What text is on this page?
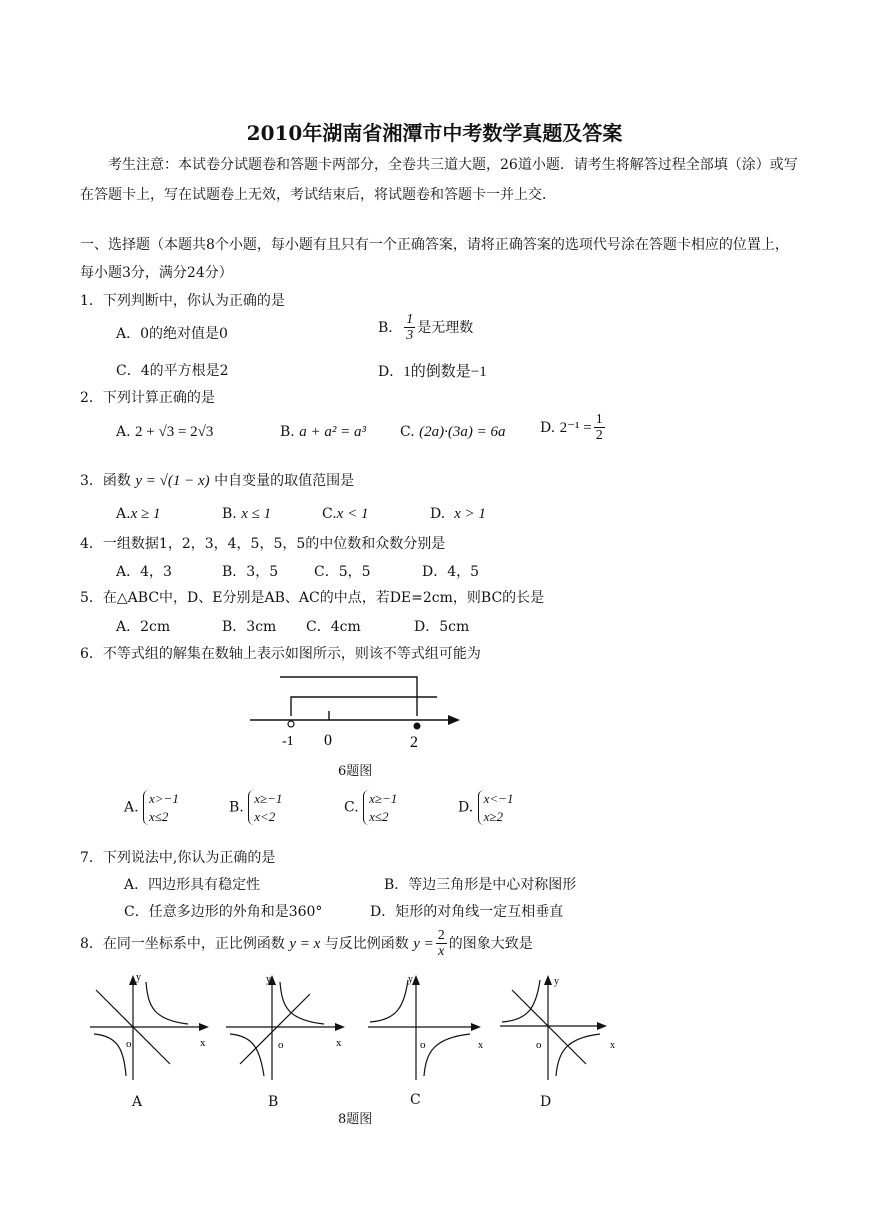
2010年湖南省湘潭市中考数学真题及答案
考生注意：本试卷分试题卷和答题卡两部分，全卷共三道大题，26道小题．请考生将解答过程全部填（涂）或写在答题卡上，写在试题卷上无效，考试结束后，将试题卷和答题卡一并上交．
一、选择题（本题共8个小题，每小题有且只有一个正确答案，请将正确答案的选项代号涂在答题卡相应的位置上，每小题3分，满分24分）
1．下列判断中，你认为正确的是
A．0的绝对值是0	B． $\frac{1}{3}$ 是无理数
C．4的平方根是2	D．1的倒数是−1
2．下列计算正确的是
A. 2 + √3 = 2√3	B. a + a² = a³ C. (2a)·(3a) = 6a D. $2^{-1} = \frac{1}{2}$
3．函数 y = √(1 − x) 中自变量的取值范围是
A.x ≥ 1	B. x ≤ 1	C.x < 1	D. x > 1
4．一组数据1，2，3，4，5，5，5的中位数和众数分别是
A．4，3	B．3，5	C．5，5	D．4，5
5．在△ABC中，D、E分别是AB、AC的中点，若DE=2cm，则BC的长是
A．2cm	B．3cm C．4cm	D．5cm
6．不等式组的解集在数轴上表示如图所示，则该不等式组可能为
-1 0	2
6题图
A. x>−1
x≤2
B. x≥−1
x<2
C. x≥−1
x≤2
D. x<−1
x≥2
7．下列说法中,你认为正确的是
A．四边形具有稳定性	B．等边三角形是中心对称图形
C．任意多边形的外角和是360°	D．矩形的对角线一定互相垂直
8．在同一坐标系中，正比例函数 y = x 与反比例函数 $y = \frac{2}{x}$ 的图象大致是
y
x
o
A
y
x
o
B
y
x
o
C
y
x
o
D
8题图
